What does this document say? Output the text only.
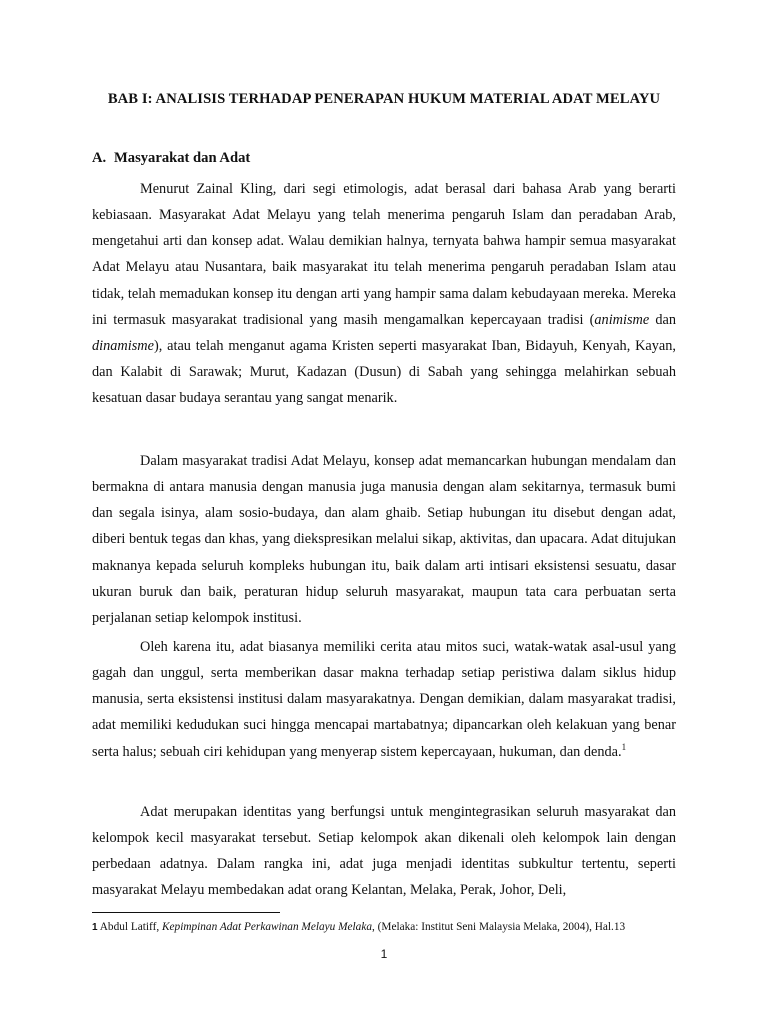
BAB I: ANALISIS TERHADAP PENERAPAN HUKUM MATERIAL ADAT MELAYU
A. Masyarakat dan Adat

Menurut Zainal Kling, dari segi etimologis, adat berasal dari bahasa Arab yang berarti kebiasaan. Masyarakat Adat Melayu yang telah menerima pengaruh Islam dan peradaban Arab, mengetahui arti dan konsep adat. Walau demikian halnya, ternyata bahwa hampir semua masyarakat Adat Melayu atau Nusantara, baik masyarakat itu telah menerima pengaruh peradaban Islam atau tidak, telah memadukan konsep itu dengan arti yang hampir sama dalam kebudayaan mereka. Mereka ini termasuk masyarakat tradisional yang masih mengamalkan kepercayaan tradisi (animisme dan dinamisme), atau telah menganut agama Kristen seperti masyarakat Iban, Bidayuh, Kenyah, Kayan, dan Kalabit di Sarawak; Murut, Kadazan (Dusun) di Sabah yang sehingga melahirkan sebuah kesatuan dasar budaya serantau yang sangat menarik.

Dalam masyarakat tradisi Adat Melayu, konsep adat memancarkan hubungan mendalam dan bermakna di antara manusia dengan manusia juga manusia dengan alam sekitarnya, termasuk bumi dan segala isinya, alam sosio-budaya, dan alam ghaib. Setiap hubungan itu disebut dengan adat, diberi bentuk tegas dan khas, yang diekspresikan melalui sikap, aktivitas, dan upacara. Adat ditujukan maknanya kepada seluruh kompleks hubungan itu, baik dalam arti intisari eksistensi sesuatu, dasar ukuran buruk dan baik, peraturan hidup seluruh masyarakat, maupun tata cara perbuatan serta perjalanan setiap kelompok institusi.

Oleh karena itu, adat biasanya memiliki cerita atau mitos suci, watak-watak asal-usul yang gagah dan unggul, serta memberikan dasar makna terhadap setiap peristiwa dalam siklus hidup manusia, serta eksistensi institusi dalam masyarakatnya. Dengan demikian, dalam masyarakat tradisi, adat memiliki kedudukan suci hingga mencapai martabatnya; dipancarkan oleh kelakuan yang benar serta halus; sebuah ciri kehidupan yang menyerap sistem kepercayaan, hukuman, dan denda.$^1$

Adat merupakan identitas yang berfungsi untuk mengintegrasikan seluruh masyarakat dan kelompok kecil masyarakat tersebut. Setiap kelompok akan dikenali oleh kelompok lain dengan perbedaan adatnya. Dalam rangka ini, adat juga menjadi identitas subkultur tertentu, seperti masyarakat Melayu membedakan adat orang Kelantan, Melaka, Perak, Johor, Deli,

1 Abdul Latiff, Kepimpinan Adat Perkawinan Melayu Melaka, (Melaka: Institut Seni Malaysia Melaka, 2004), Hal.13
1
